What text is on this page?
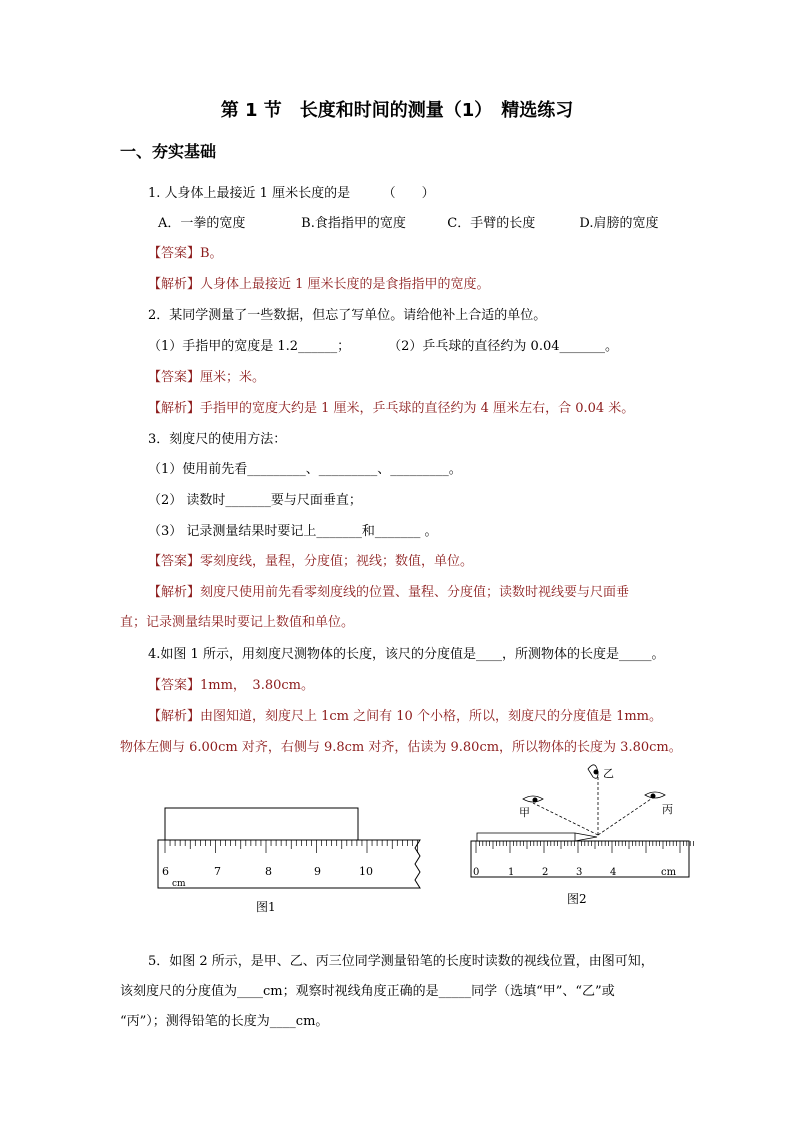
第 1 节　长度和时间的测量（1）　精选练习
一、夯实基础
1. 人身体上最接近 1 厘米长度的是　　　（　　）
A．一拳的宽度	B.食指指甲的宽度	C．手臂的长度	D.肩膀的宽度
【答案】B。
【解析】人身体上最接近 1 厘米长度的是食指指甲的宽度。
2．某同学测量了一些数据，但忘了写单位。请给他补上合适的单位。
（1）手指甲的宽度是 1.2______；	（2）乒乓球的直径约为 0.04_______。
【答案】厘米；米。
【解析】手指甲的宽度大约是 1 厘米，乒乓球的直径约为 4 厘米左右，合 0.04 米。
3．刻度尺的使用方法：
（1）使用前先看_________、_________、_________。
（2） 读数时_______要与尺面垂直；
（3） 记录测量结果时要记上_______和_______ 。
【答案】零刻度线，量程，分度值；视线；数值，单位。
【解析】刻度尺使用前先看零刻度线的位置、量程、分度值；读数时视线要与尺面垂
直；记录测量结果时要记上数值和单位。
4.如图 1 所示，用刻度尺测物体的长度，该尺的分度值是____，所测物体的长度是_____。
【答案】1mm，　3.80cm。
【解析】由图知道，刻度尺上 1cm 之间有 10 个小格，所以，刻度尺的分度值是 1mm。
物体左侧与 6.00cm 对齐，右侧与 9.8cm 对齐，估读为 9.80cm，所以物体的长度为 3.80cm。
6	7	8	9	10
cm
图1
甲
乙
丙
0	1	2	3	4	cm
图2
5．如图 2 所示，是甲、乙、丙三位同学测量铅笔的长度时读数的视线位置，由图可知，
该刻度尺的分度值为____cm；观察时视线角度正确的是_____同学（选填“甲”、“乙”或
“丙”）；测得铅笔的长度为____cm。
